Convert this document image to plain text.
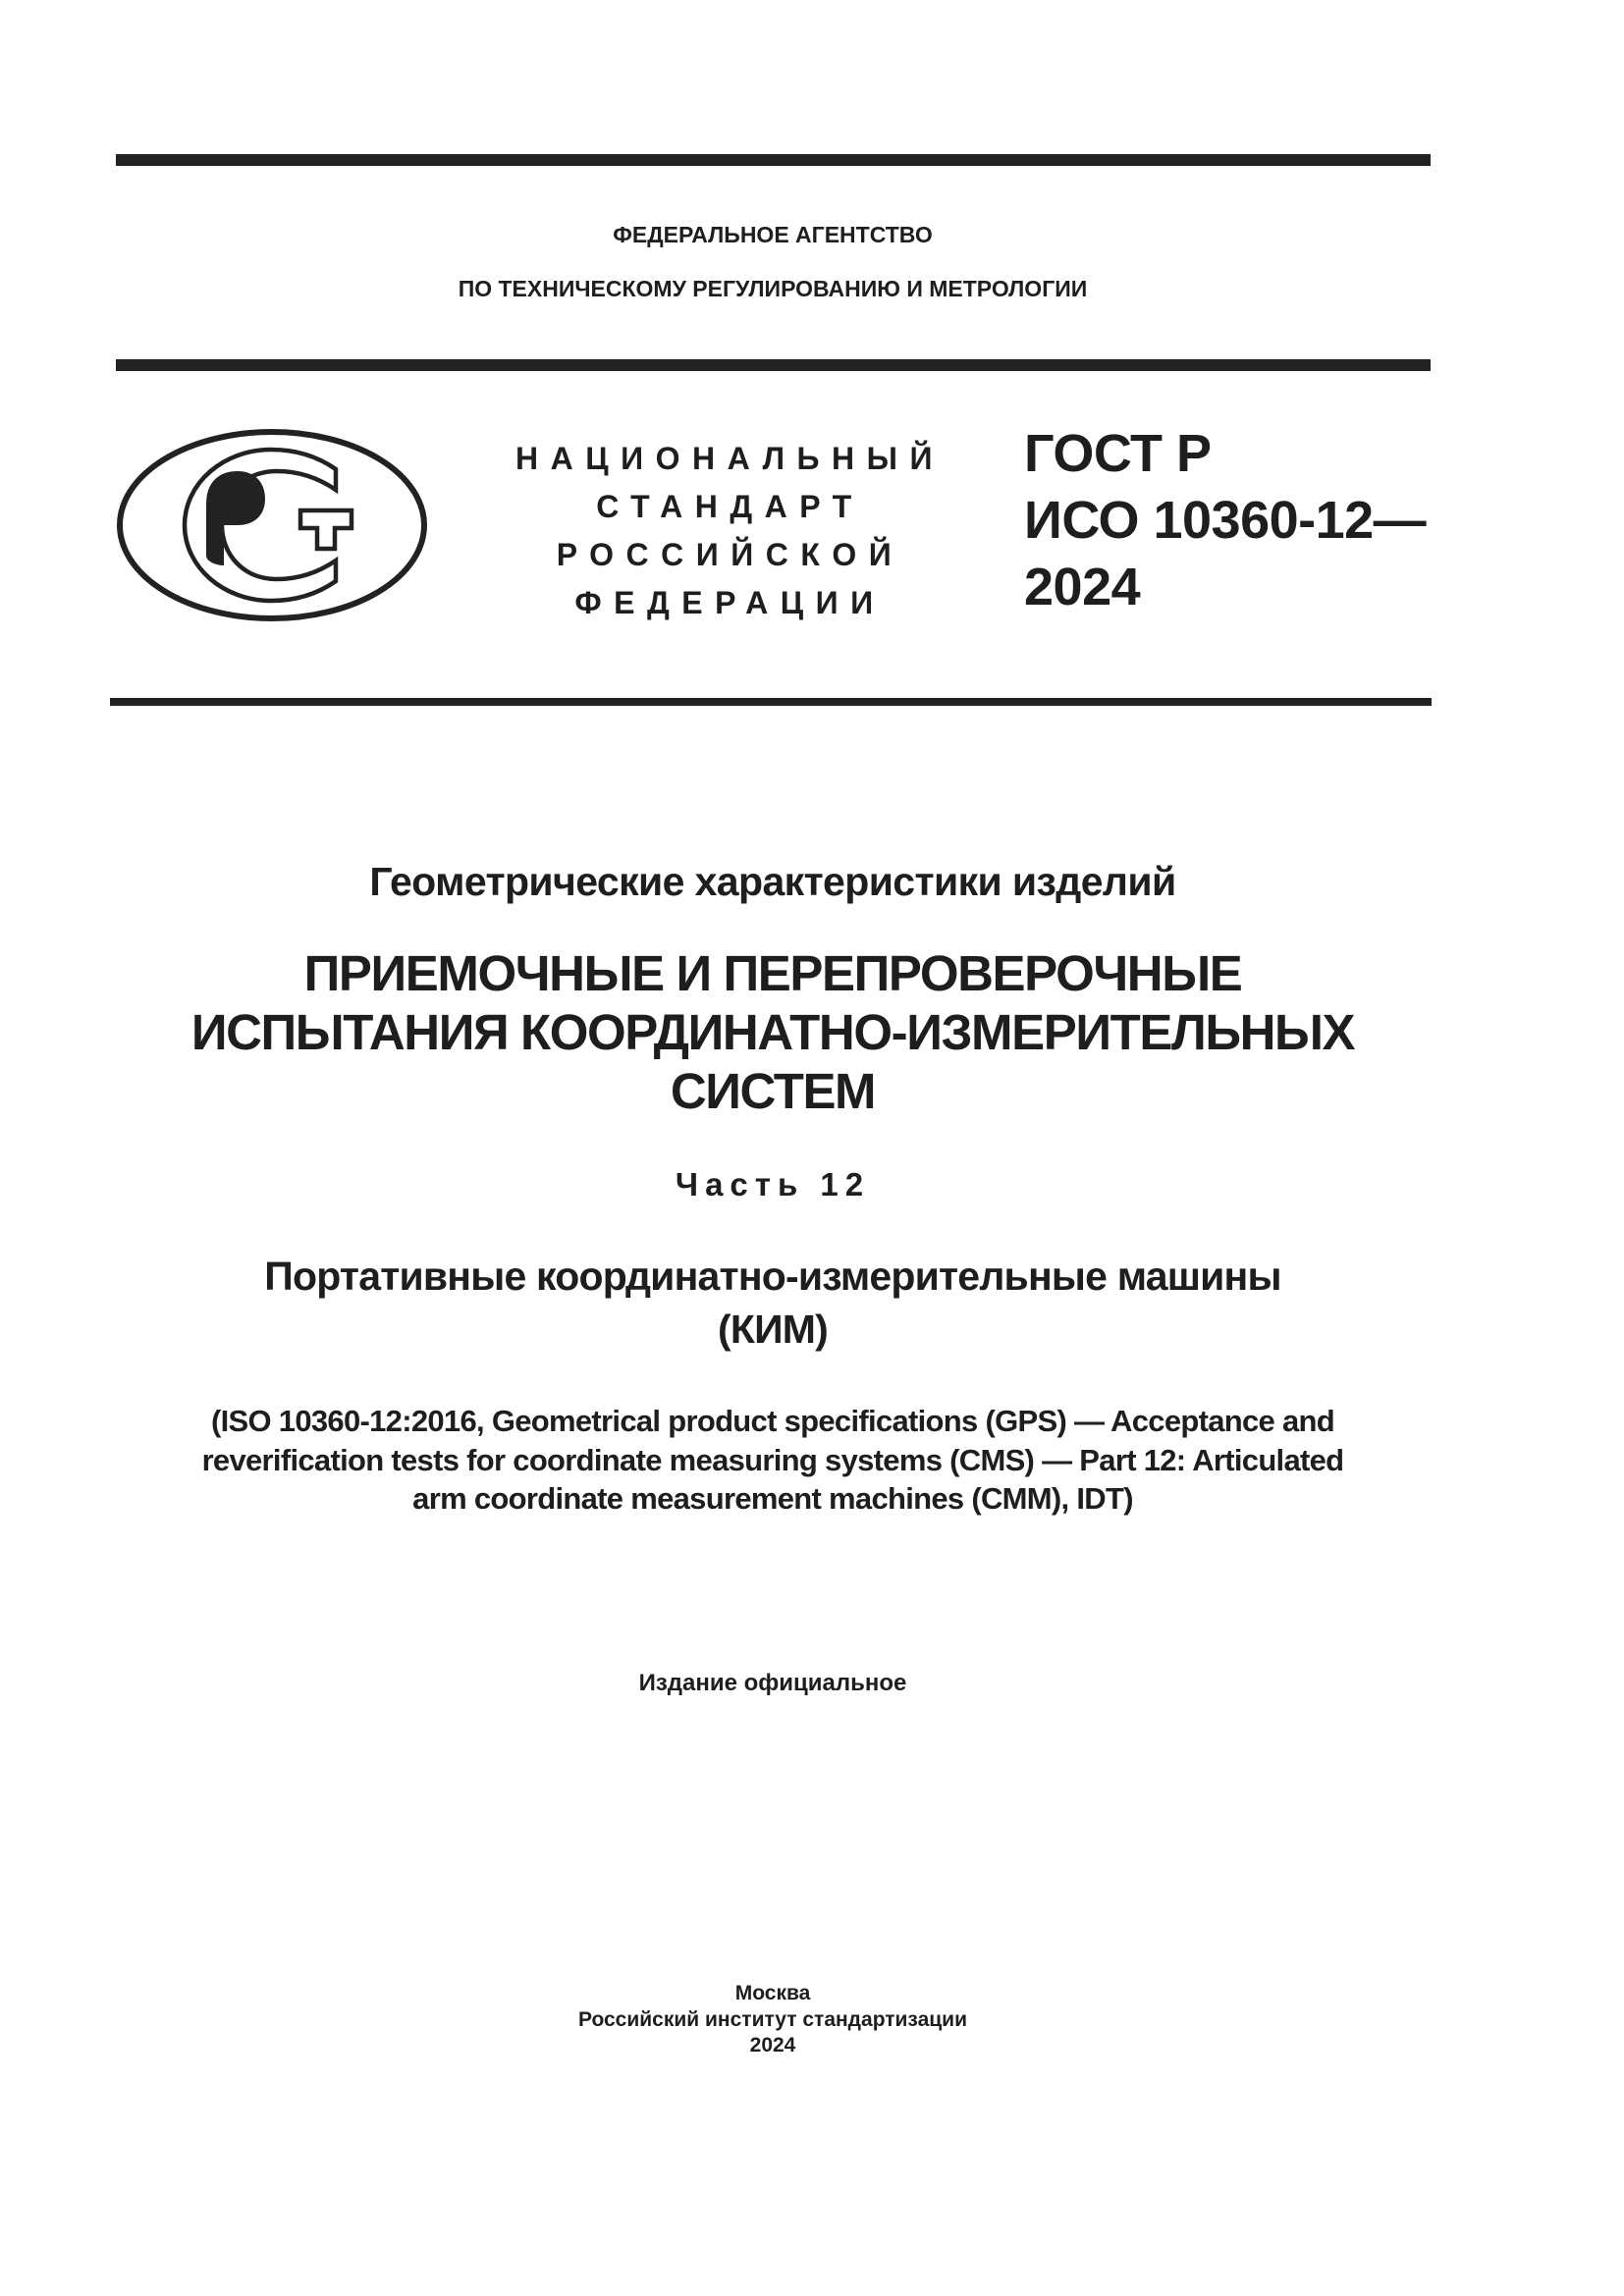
ФЕДЕРАЛЬНОЕ АГЕНТСТВО
ПО ТЕХНИЧЕСКОМУ РЕГУЛИРОВАНИЮ И МЕТРОЛОГИИ
НАЦИОНАЛЬНЫЙ
СТАНДАРТ
РОССИЙСКОЙ
ФЕДЕРАЦИИ
ГОСТ Р
ИСО 10360-12—
2024
Геометрические характеристики изделий
ПРИЕМОЧНЫЕ И ПЕРЕПРОВЕРОЧНЫЕ
ИСПЫТАНИЯ КООРДИНАТНО-ИЗМЕРИТЕЛЬНЫХ
СИСТЕМ
Часть 12
Портативные координатно-измерительные машины
(КИМ)
(ISO 10360-12:2016, Geometrical product specifications (GPS) — Acceptance and
reverification tests for coordinate measuring systems (CMS) — Part 12: Articulated
arm coordinate measurement machines (CMM), IDT)
Издание официальное
Москва
Российский институт стандартизации
2024
